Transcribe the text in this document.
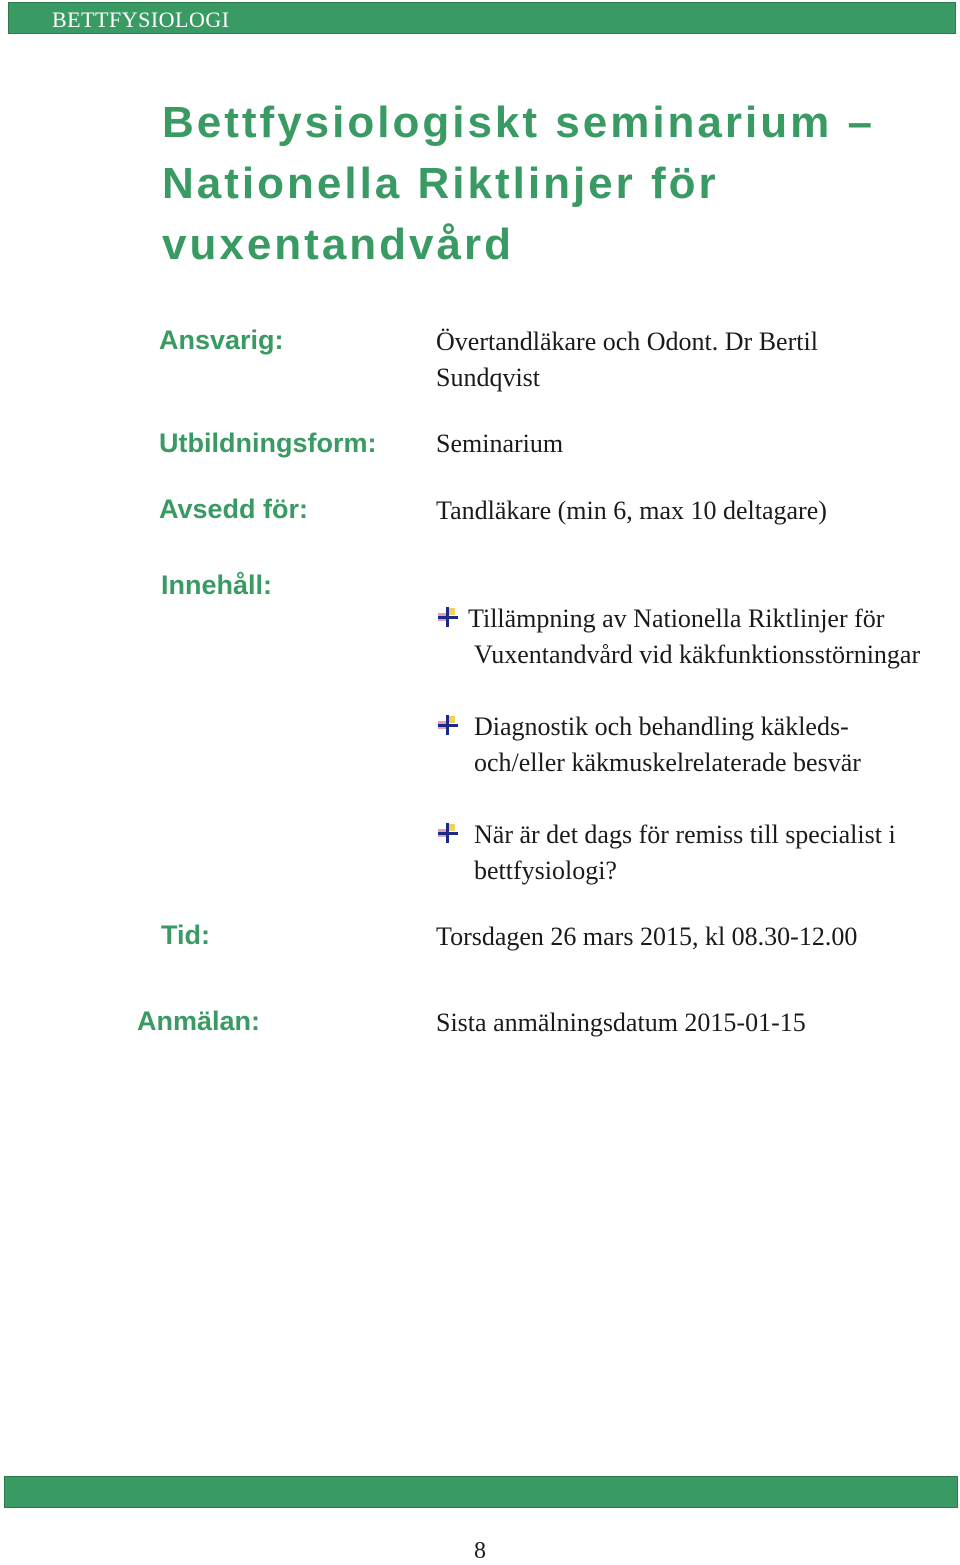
BETTFYSIOLOGI
Bettfysiologiskt seminarium –
Nationella Riktlinjer för
vuxentandvård
Ansvarig:	Övertandläkare och Odont. Dr Bertil
Sundqvist
Utbildningsform: Seminarium
Avsedd för:	Tandläkare (min 6, max 10 deltagare)
Innehåll:
Tillämpning av Nationella Riktlinjer för
Vuxentandvård vid käkfunktionsstörningar
Diagnostik och behandling käkleds-
och/eller käkmuskelrelaterade besvär
När är det dags för remiss till specialist i
bettfysiologi?
Tid:	Torsdagen 26 mars 2015, kl 08.30-12.00
Anmälan:	Sista anmälningsdatum 2015-01-15
8
